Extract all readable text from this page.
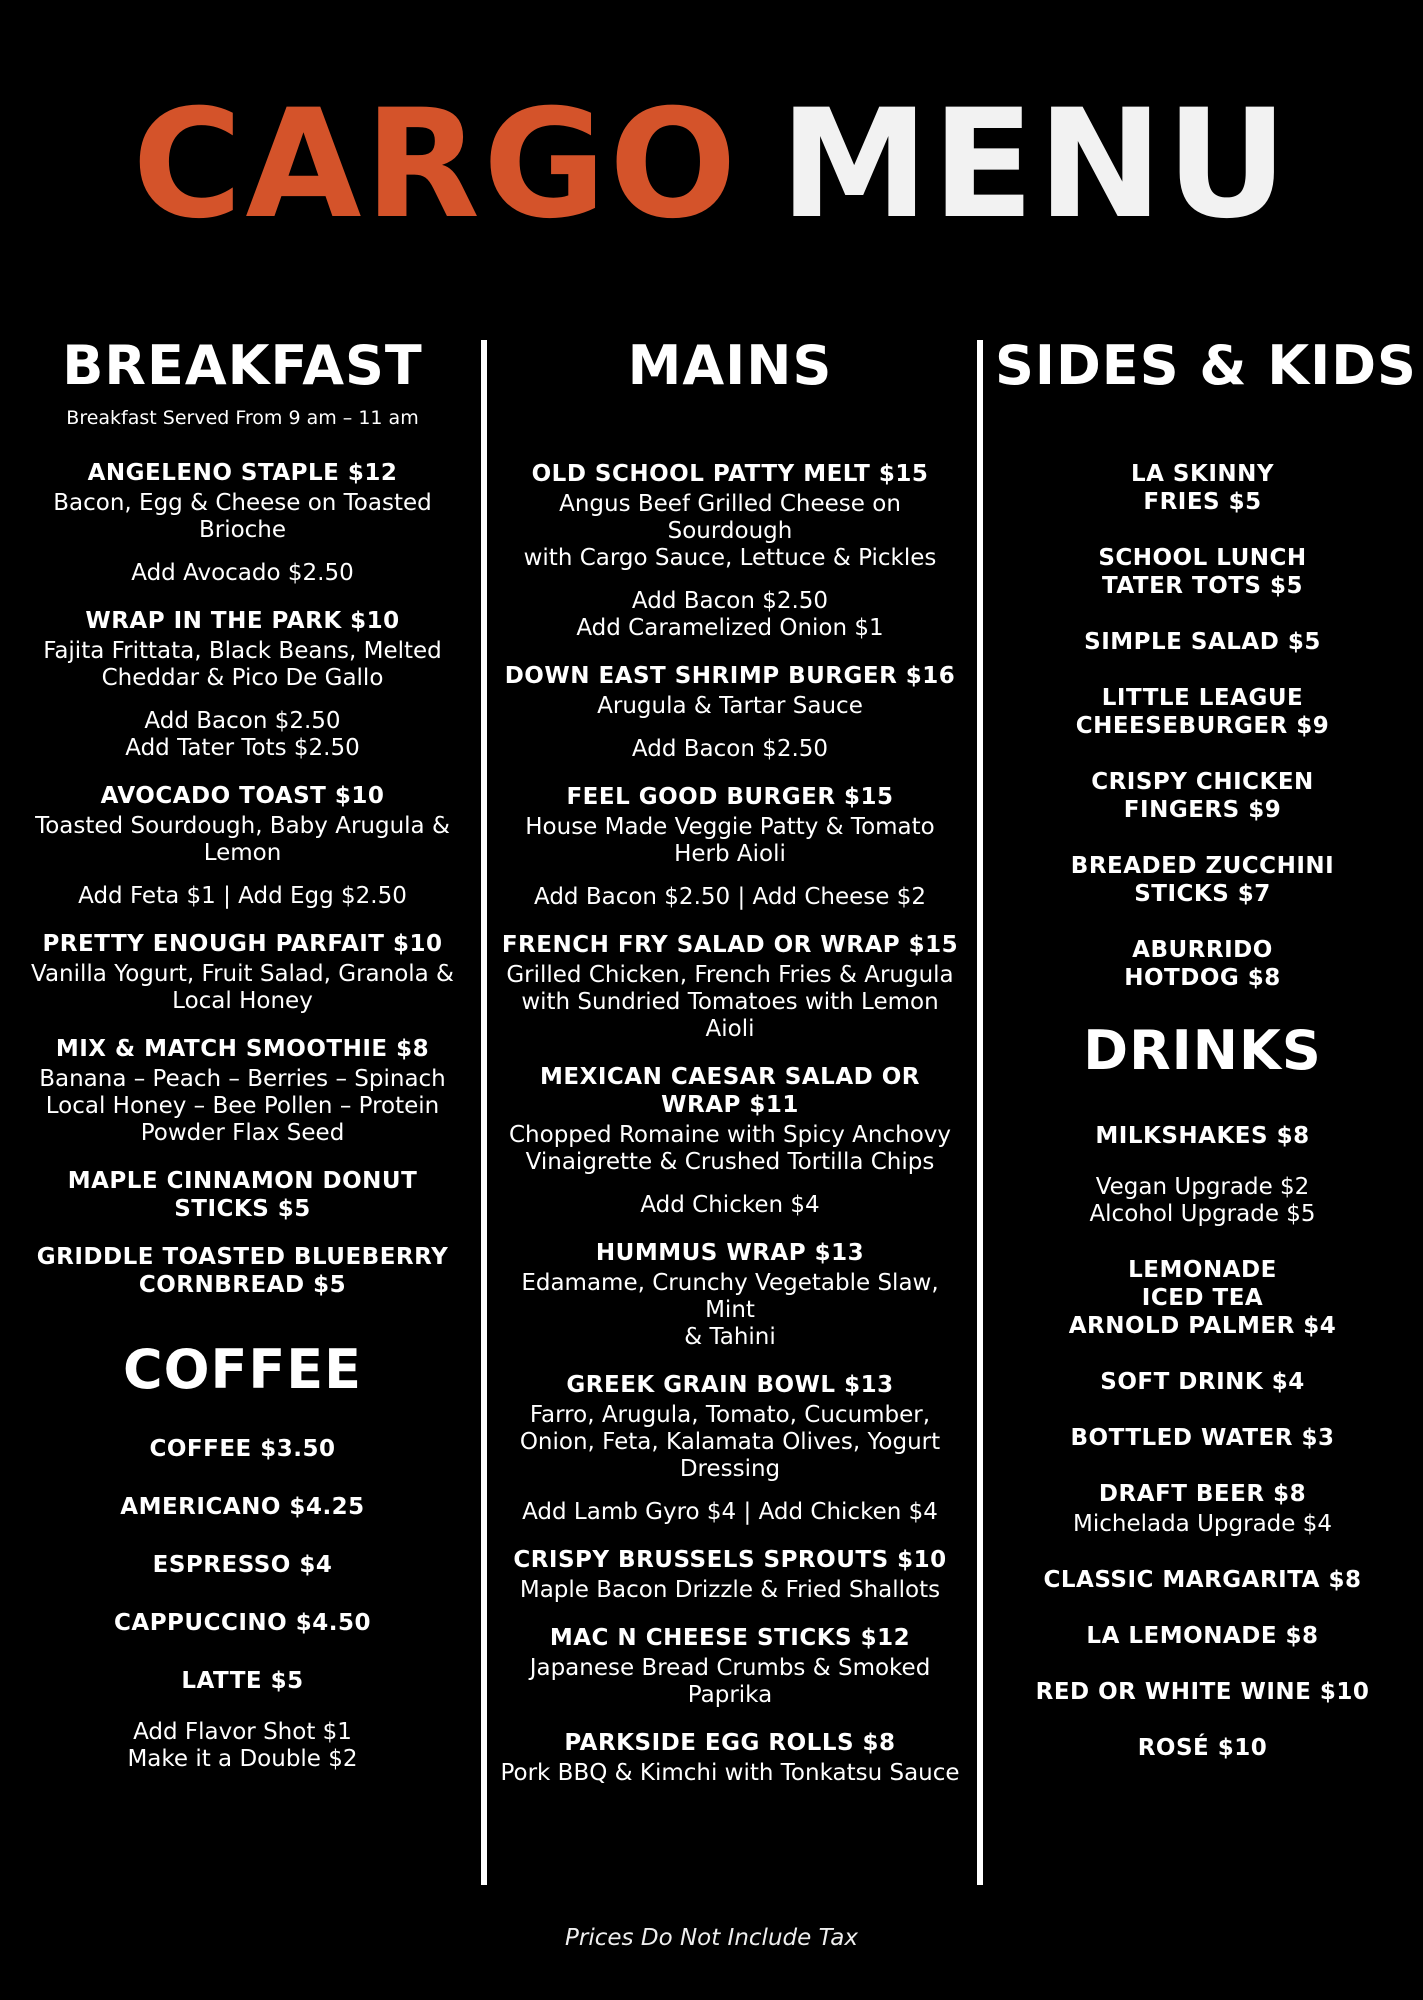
CARGO MENU
BREAKFAST
Breakfast Served From 9 am – 11 am
ANGELENO STAPLE $12
Bacon, Egg & Cheese on Toasted
Brioche
Add Avocado $2.50
WRAP IN THE PARK $10
Fajita Frittata, Black Beans, Melted
Cheddar & Pico De Gallo
Add Bacon $2.50
Add Tater Tots $2.50
AVOCADO TOAST $10
Toasted Sourdough, Baby Arugula &
Lemon
Add Feta $1 | Add Egg $2.50
PRETTY ENOUGH PARFAIT $10
Vanilla Yogurt, Fruit Salad, Granola &
Local Honey
MIX & MATCH SMOOTHIE $8
Banana – Peach – Berries – Spinach
Local Honey – Bee Pollen – Protein
Powder Flax Seed
MAPLE CINNAMON DONUT
STICKS $5
GRIDDLE TOASTED BLUEBERRY
CORNBREAD $5
COFFEE
COFFEE $3.50
AMERICANO $4.25
ESPRESSO $4
CAPPUCCINO $4.50
LATTE $5
Add Flavor Shot $1
Make it a Double $2
MAINS
OLD SCHOOL PATTY MELT $15
Angus Beef Grilled Cheese on Sourdough
with Cargo Sauce, Lettuce & Pickles
Add Bacon $2.50
Add Caramelized Onion $1
DOWN EAST SHRIMP BURGER $16
Arugula & Tartar Sauce
Add Bacon $2.50
FEEL GOOD BURGER $15
House Made Veggie Patty & Tomato
Herb Aioli
Add Bacon $2.50 | Add Cheese $2
FRENCH FRY SALAD OR WRAP $15
Grilled Chicken, French Fries & Arugula
with Sundried Tomatoes with Lemon Aioli
MEXICAN CAESAR SALAD OR
WRAP $11
Chopped Romaine with Spicy Anchovy
Vinaigrette & Crushed Tortilla Chips
Add Chicken $4
HUMMUS WRAP $13
Edamame, Crunchy Vegetable Slaw, Mint
& Tahini
GREEK GRAIN BOWL $13
Farro, Arugula, Tomato, Cucumber,
Onion, Feta, Kalamata Olives, Yogurt
Dressing
Add Lamb Gyro $4 | Add Chicken $4
CRISPY BRUSSELS SPROUTS $10
Maple Bacon Drizzle & Fried Shallots
MAC N CHEESE STICKS $12
Japanese Bread Crumbs & Smoked
Paprika
PARKSIDE EGG ROLLS $8
Pork BBQ & Kimchi with Tonkatsu Sauce
SIDES & KIDS
LA SKINNY
FRIES $5
SCHOOL LUNCH
TATER TOTS $5
SIMPLE SALAD $5
LITTLE LEAGUE
CHEESEBURGER $9
CRISPY CHICKEN
FINGERS $9
BREADED ZUCCHINI
STICKS $7
ABURRIDO
HOTDOG $8
DRINKS
MILKSHAKES $8
Vegan Upgrade $2
Alcohol Upgrade $5
LEMONADE
ICED TEA
ARNOLD PALMER $4
SOFT DRINK $4
BOTTLED WATER $3
DRAFT BEER $8
Michelada Upgrade $4
CLASSIC MARGARITA $8
LA LEMONADE $8
RED OR WHITE WINE $10
ROSÉ $10
Prices Do Not Include Tax
